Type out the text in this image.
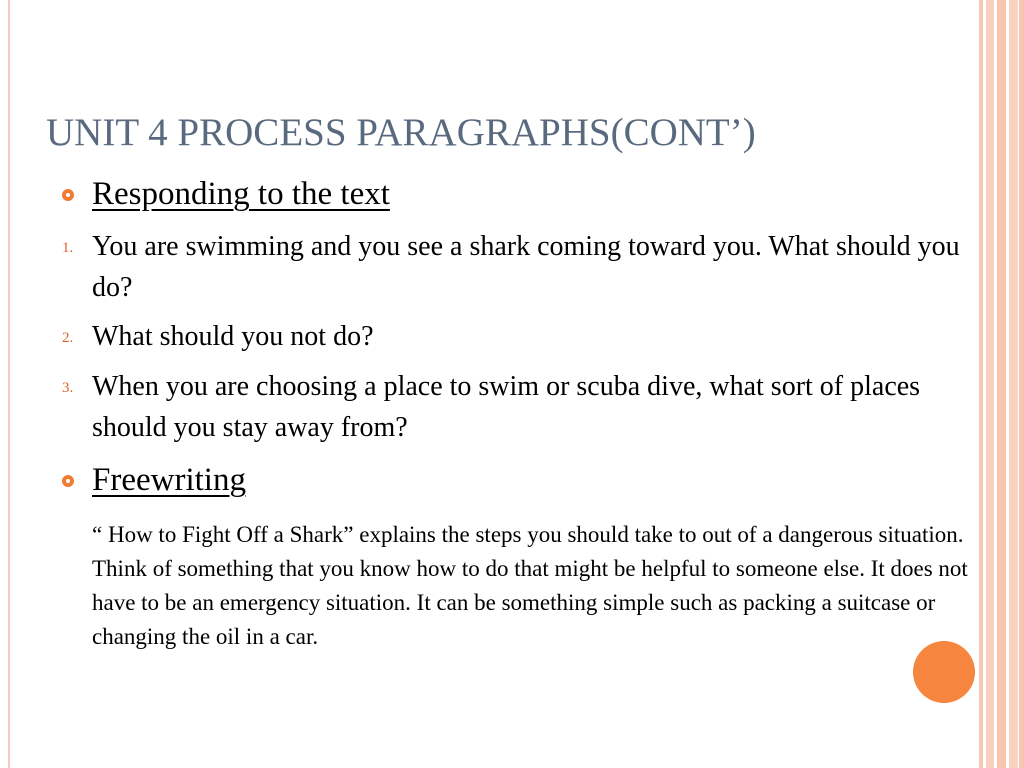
UNIT 4 PROCESS PARAGRAPHS(CONT’)
Responding to the text
1. You are swimming and you see a shark coming toward you. What should you do?
2. What should you not do?
3. When you are choosing a place to swim or scuba dive, what sort of places should you stay away from?
Freewriting

“ How to Fight Off a Shark” explains the steps you should take to out of a dangerous situation. Think of something that you know how to do that might be helpful to someone else. It does not have to be an emergency situation. It can be something simple such as packing a suitcase or changing the oil in a car.
